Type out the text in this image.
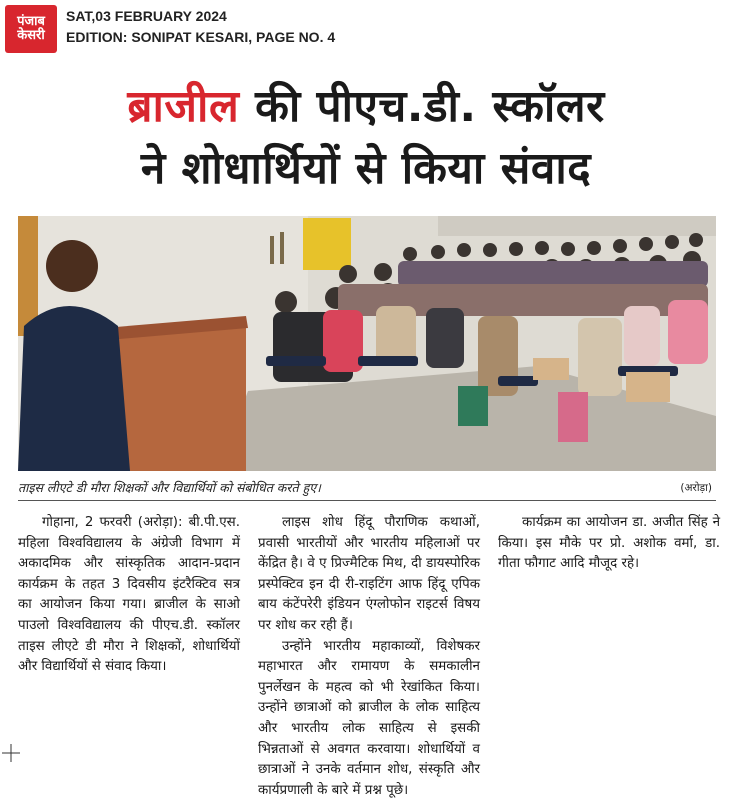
पंजाब
केसरी
SAT,03 FEBRUARY 2024
EDITION: SONIPAT KESARI, PAGE NO. 4
ब्राजील की पीएच.डी. स्कॉलर
ने शोधार्थियों से किया संवाद
ताइस लीएटे डी मौरा शिक्षकों और विद्यार्थियों को संबोधित करते हुए।	(अरोड़ा)

गोहाना, 2 फरवरी (अरोड़ा): बी.पी.एस. महिला विश्वविद्यालय के अंग्रेजी विभाग में अकादमिक और सांस्कृतिक आदान-प्रदान कार्यक्रम के तहत 3 दिवसीय इंटरैक्टिव सत्र का आयोजन किया गया। ब्राजील के साओ पाउलो विश्वविद्यालय की पीएच.डी. स्कॉलर ताइस लीएटे डी मौरा ने शिक्षकों, शोधार्थियों और विद्यार्थियों से संवाद किया।

लाइस शोध हिंदू पौराणिक कथाओं, प्रवासी भारतीयों और भारतीय महिलाओं पर केंद्रित है। वे ए प्रिज्मैटिक मिथ, दी डायस्पोरिक प्रस्पेक्टिव इन दी री-राइटिंग आफ हिंदू एपिक बाय कंटेंपरेरी इंडियन एंग्लोफोन राइटर्स विषय पर शोध कर रही हैं।

उन्होंने भारतीय महाकाव्यों, विशेषकर महाभारत और रामायण के समकालीन पुनर्लेखन के महत्व को भी रेखांकित किया। उन्होंने छात्राओं को ब्राजील के लोक साहित्य और भारतीय लोक साहित्य से इसकी भिन्नताओं से अवगत करवाया। शोधार्थियों व छात्राओं ने उनके वर्तमान शोध, संस्कृति और कार्यप्रणाली के बारे में प्रश्न पूछे।

कार्यक्रम का आयोजन डा. अजीत सिंह ने किया। इस मौके पर प्रो. अशोक वर्मा, डा. गीता फौगाट आदि मौजूद रहे।
